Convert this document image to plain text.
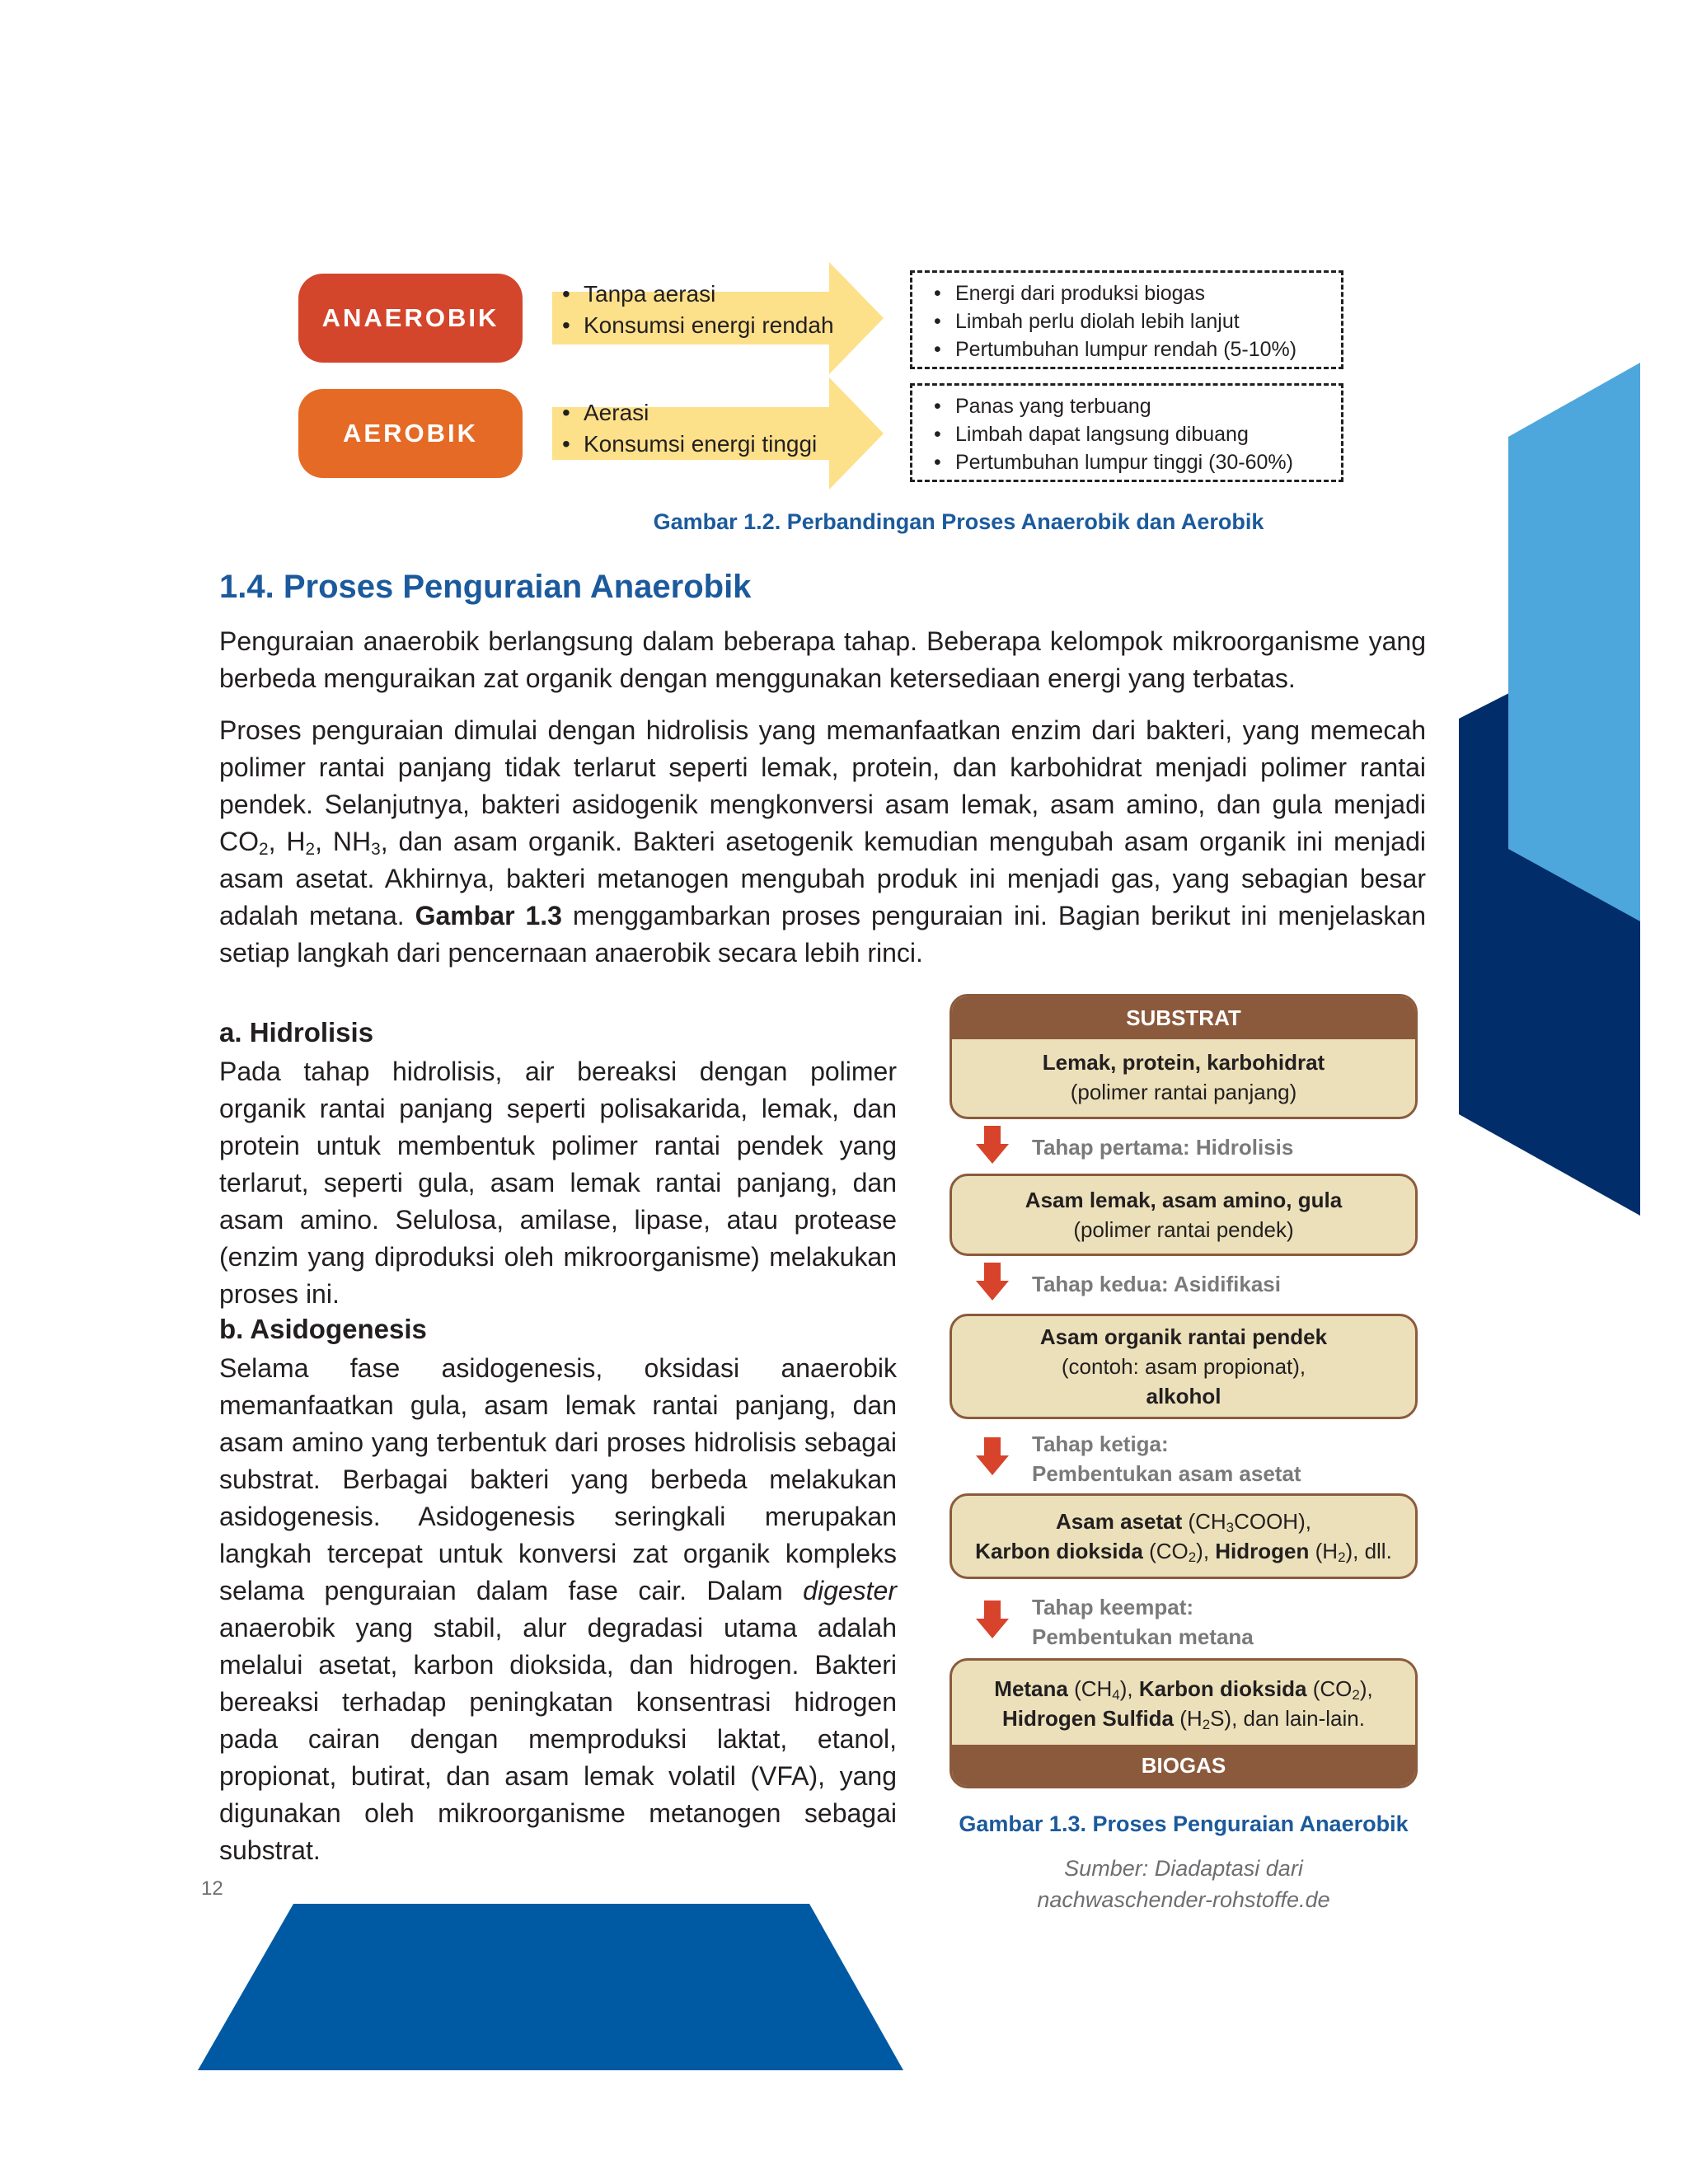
ANAEROBIK
AEROBIK
• Tanpa aerasi
• Konsumsi energi rendah
• Aerasi
• Konsumsi energi tinggi
• Energi dari produksi biogas
• Limbah perlu diolah lebih lanjut
• Pertumbuhan lumpur rendah (5-10%)
• Panas yang terbuang
• Limbah dapat langsung dibuang
• Pertumbuhan lumpur tinggi (30-60%)
Gambar 1.2. Perbandingan Proses Anaerobik dan Aerobik
1.4. Proses Penguraian Anaerobik

Penguraian anaerobik berlangsung dalam beberapa tahap. Beberapa kelompok mikroorganisme yang berbeda menguraikan zat organik dengan menggunakan ketersediaan energi yang terbatas.

Proses penguraian dimulai dengan hidrolisis yang memanfaatkan enzim dari bakteri, yang memecah polimer rantai panjang tidak terlarut seperti lemak, protein, dan karbohidrat menjadi polimer rantai pendek. Selanjutnya, bakteri asidogenik mengkonversi asam lemak, asam amino, dan gula menjadi $CO_2$, $H_2$, $NH_3$, dan asam organik. Bakteri asetogenik kemudian mengubah asam organik ini menjadi asam asetat. Akhirnya, bakteri metanogen mengubah produk ini menjadi gas, yang sebagian besar adalah metana. Gambar 1.3 menggambarkan proses penguraian ini. Bagian berikut ini menjelaskan setiap langkah dari pencernaan anaerobik secara lebih rinci.

a. Hidrolisis

Pada tahap hidrolisis, air bereaksi dengan polimer organik rantai panjang seperti polisakarida, lemak, dan protein untuk membentuk polimer rantai pendek yang terlarut, seperti gula, asam lemak rantai panjang, dan asam amino. Selulosa, amilase, lipase, atau protease (enzim yang diproduksi oleh mikroorganisme) melakukan proses ini.

b. Asidogenesis

Selama fase asidogenesis, oksidasi anaerobik memanfaatkan gula, asam lemak rantai panjang, dan asam amino yang terbentuk dari proses hidrolisis sebagai substrat. Berbagai bakteri yang berbeda melakukan asidogenesis. Asidogenesis seringkali merupakan langkah tercepat untuk konversi zat organik kompleks selama penguraian dalam fase cair. Dalam digester anaerobik yang stabil, alur degradasi utama adalah melalui asetat, karbon dioksida, dan hidrogen. Bakteri bereaksi terhadap peningkatan konsentrasi hidrogen pada cairan dengan memproduksi laktat, etanol, propionat, butirat, dan asam lemak volatil (VFA), yang digunakan oleh mikroorganisme metanogen sebagai substrat.

SUBSTRAT
Lemak, protein, karbohidrat
(polimer rantai panjang)
Tahap pertama: Hidrolisis
Asam lemak, asam amino, gula
(polimer rantai pendek)
Tahap kedua: Asidifikasi
Asam organik rantai pendek
(contoh: asam propionat),
alkohol
Tahap ketiga:
Pembentukan asam asetat
Asam asetat $(CH_3COOH)$,
Karbon dioksida $(CO_2)$, Hidrogen $(H_2)$, dll.
Tahap keempat:
Pembentukan metana
Metana $(CH_4)$, Karbon dioksida $(CO_2)$,
Hidrogen Sulfida $(H_2S)$, dan lain-lain.
BIOGAS
Gambar 1.3. Proses Penguraian Anaerobik
Sumber: Diadaptasi dari
nachwaschender-rohstoffe.de
12
